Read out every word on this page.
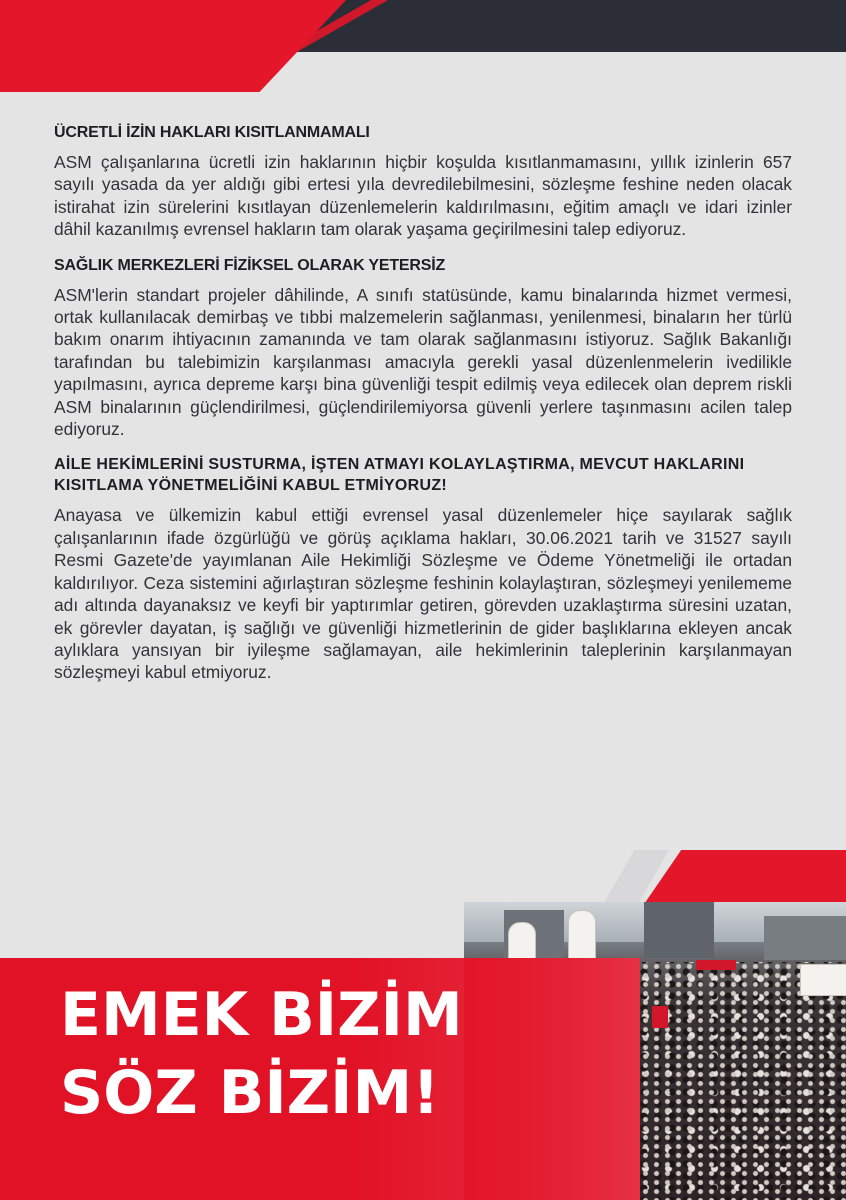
ÜCRETLİ İZİN HAKLARI KISITLANMAMALI

ASM çalışanlarına ücretli izin haklarının hiçbir koşulda kısıtlanmamasını, yıllık izinlerin 657 sayılı yasada da yer aldığı gibi ertesi yıla devredilebilmesini, sözleşme feshine neden olacak istirahat izin sürelerini kısıtlayan düzenlemelerin kaldırılmasını, eğitim amaçlı ve idari izinler dâhil kazanılmış evrensel hakların tam olarak yaşama geçirilmesini talep ediyoruz.

SAĞLIK MERKEZLERİ FİZİKSEL OLARAK YETERSİZ

ASM'lerin standart projeler dâhilinde, A sınıfı statüsünde, kamu binalarında hizmet vermesi, ortak kullanılacak demirbaş ve tıbbi malzemelerin sağlanması, yenilenmesi, binaların her türlü bakım onarım ihtiyacının zamanında ve tam olarak sağlanmasını istiyoruz. Sağlık Bakanlığı tarafından bu talebimizin karşılanması amacıyla gerekli yasal düzenlenmelerin ivedilikle yapılmasını, ayrıca depreme karşı bina güvenliği tespit edilmiş veya edilecek olan deprem riskli ASM binalarının güçlendirilmesi, güçlendirilemiyorsa güvenli yerlere taşınmasını acilen talep ediyoruz.

AİLE HEKİMLERİNİ SUSTURMA, İŞTEN ATMAYI KOLAYLAŞTIRMA, MEVCUT HAKLARINI KISITLAMA YÖNETMELİĞİNİ KABUL ETMİYORUZ!

Anayasa ve ülkemizin kabul ettiği evrensel yasal düzenlemeler hiçe sayılarak sağlık çalışanlarının ifade özgürlüğü ve görüş açıklama hakları, 30.06.2021 tarih ve 31527 sayılı Resmi Gazete'de yayımlanan Aile Hekimliği Sözleşme ve Ödeme Yönetmeliği ile ortadan kaldırılıyor. Ceza sistemini ağırlaştıran sözleşme feshinin kolaylaştıran, sözleşmeyi yenilememe adı altında dayanaksız ve keyfi bir yaptırımlar getiren, görevden uzaklaştırma süresini uzatan, ek görevler dayatan, iş sağlığı ve güvenliği hizmetlerinin de gider başlıklarına ekleyen ancak aylıklara yansıyan bir iyileşme sağlamayan, aile hekimlerinin taleplerinin karşılanmayan sözleşmeyi kabul etmiyoruz.

EMEK BİZİM
SÖZ BİZİM!
